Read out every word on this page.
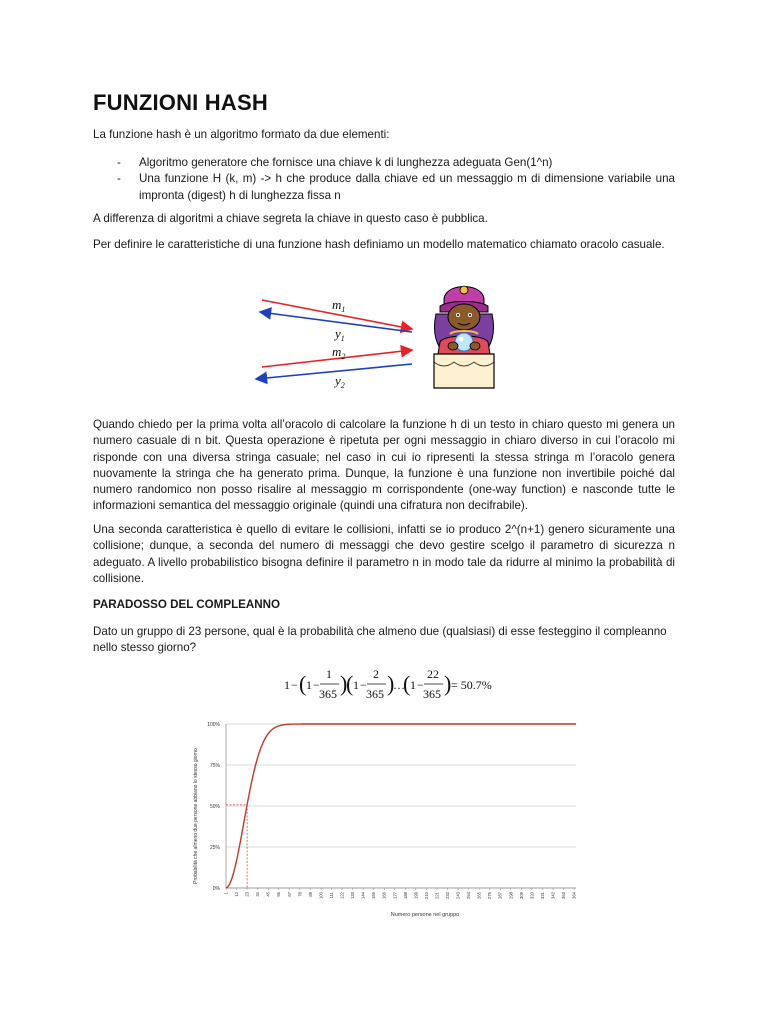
FUNZIONI HASH

La funzione hash è un algoritmo formato da due elementi:

- Algoritmo generatore che fornisce una chiave k di lunghezza adeguata Gen(1^n)
- Una funzione H (k, m) -> h che produce dalla chiave ed un messaggio m di dimensione variabile una impronta (digest) h di lunghezza fissa n

A differenza di algoritmi a chiave segreta la chiave in questo caso è pubblica.

Per definire le caratteristiche di una funzione hash definiamo un modello matematico chiamato oracolo casuale.

$m_1$
$y_1$
$m_2$
$y_2$

Quando chiedo per la prima volta all’oracolo di calcolare la funzione h di un testo in chiaro questo mi genera un numero casuale di n bit. Questa operazione è ripetuta per ogni messaggio in chiaro diverso in cui l’oracolo mi risponde con una diversa stringa casuale; nel caso in cui io ripresenti la stessa stringa m l’oracolo genera nuovamente la stringa che ha generato prima. Dunque, la funzione è una funzione non invertibile poiché dal numero randomico non posso risalire al messaggio m corrispondente (one-way function) e nasconde tutte le informazioni semantica del messaggio originale (quindi una cifratura non decifrabile).

Una seconda caratteristica è quello di evitare le collisioni, infatti se io produco 2^(n+1) genero sicuramente una collisione; dunque, a seconda del numero di messaggi che devo gestire scelgo il parametro di sicurezza n adeguato. A livello probabilistico bisogna definire il parametro n in modo tale da ridurre al minimo la probabilità di collisione.

PARADOSSO DEL COMPLEANNO

Dato un gruppo di 23 persone, qual è la probabilità che almeno due (qualsiasi) di esse festeggino il compleanno nello stesso giorno?

1 − ( 1 −
1
365 )
( 1 −
2
365 )
…
( 1 −
22
365 ) = 50.7%
0%
25%
50%
75%
100%
1 12 23 34 45 56 67 78 89 100 111 122 133 144 155 166 177 188 199 210 221 232 243 254 265 276 287 298 309 320 331 342 353 364
Numero persone nel gruppo
Probabilità che almeno due persone abbiano lo stesso giorno
